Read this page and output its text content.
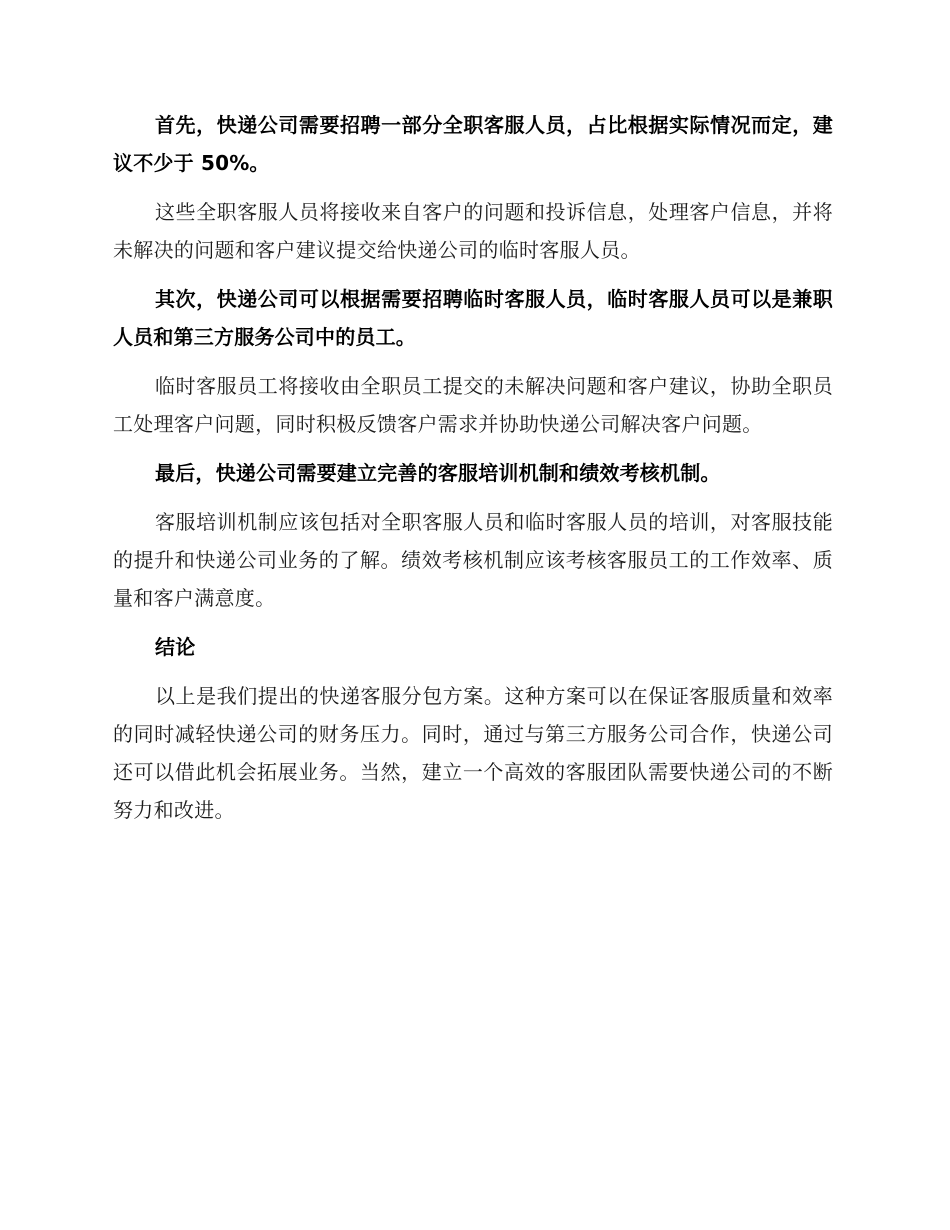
首先，快递公司需要招聘一部分全职客服人员，占比根据实际情况而定，建议不少于 50%。

这些全职客服人员将接收来自客户的问题和投诉信息，处理客户信息，并将未解决的问题和客户建议提交给快递公司的临时客服人员。

其次，快递公司可以根据需要招聘临时客服人员，临时客服人员可以是兼职人员和第三方服务公司中的员工。

临时客服员工将接收由全职员工提交的未解决问题和客户建议，协助全职员工处理客户问题，同时积极反馈客户需求并协助快递公司解决客户问题。

最后，快递公司需要建立完善的客服培训机制和绩效考核机制。

客服培训机制应该包括对全职客服人员和临时客服人员的培训，对客服技能的提升和快递公司业务的了解。绩效考核机制应该考核客服员工的工作效率、质量和客户满意度。

结论

以上是我们提出的快递客服分包方案。这种方案可以在保证客服质量和效率的同时减轻快递公司的财务压力。同时，通过与第三方服务公司合作，快递公司还可以借此机会拓展业务。当然，建立一个高效的客服团队需要快递公司的不断努力和改进。
